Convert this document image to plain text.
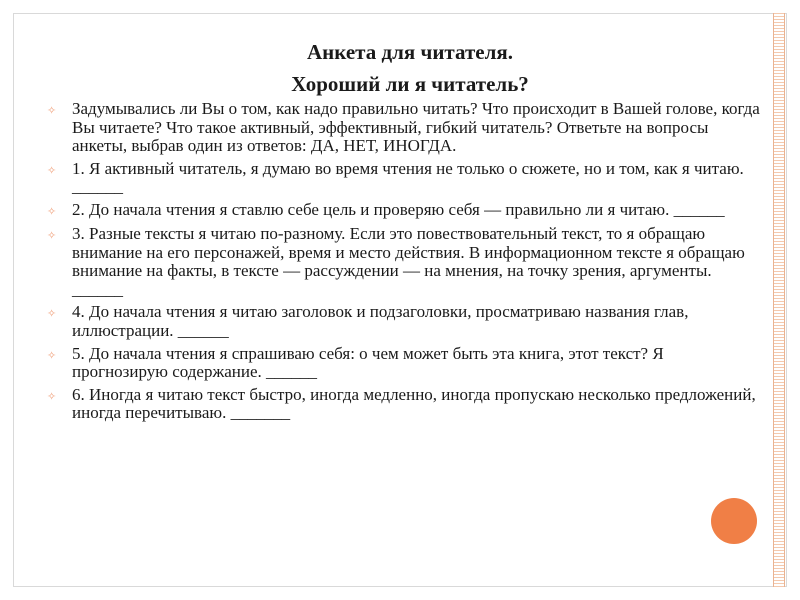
Анкета для читателя.

Хороший ли я читатель?

✧ Задумывались ли Вы о том, как надо правильно читать? Что происходит в Вашей голове, когда Вы читаете? Что такое активный, эффективный, гибкий читатель? Ответьте на вопросы анкеты, выбрав один из ответов: ДА, НЕТ, ИНОГДА.
✧ 1. Я активный читатель, я думаю во время чтения не только о сюжете, но и том, как я читаю. ______
✧ 2. До начала чтения я ставлю себе цель и проверяю себя — правильно ли я читаю. ______
✧ 3. Разные тексты я читаю по-разному. Если это повествовательный текст, то я обращаю внимание на его персонажей, время и место действия. В информационном тексте я обращаю внимание на факты, в тексте — рассуждении — на мнения, на точку зрения, аргументы. ______
✧ 4. До начала чтения я читаю заголовок и подзаголовки, просматриваю названия глав, иллюстрации. ______
✧ 5. До начала чтения я спрашиваю себя: о чем может быть эта книга, этот текст? Я прогнозирую содержание. ______
✧ 6. Иногда я читаю текст быстро, иногда медленно, иногда пропускаю несколько предложений, иногда перечитываю. _______
